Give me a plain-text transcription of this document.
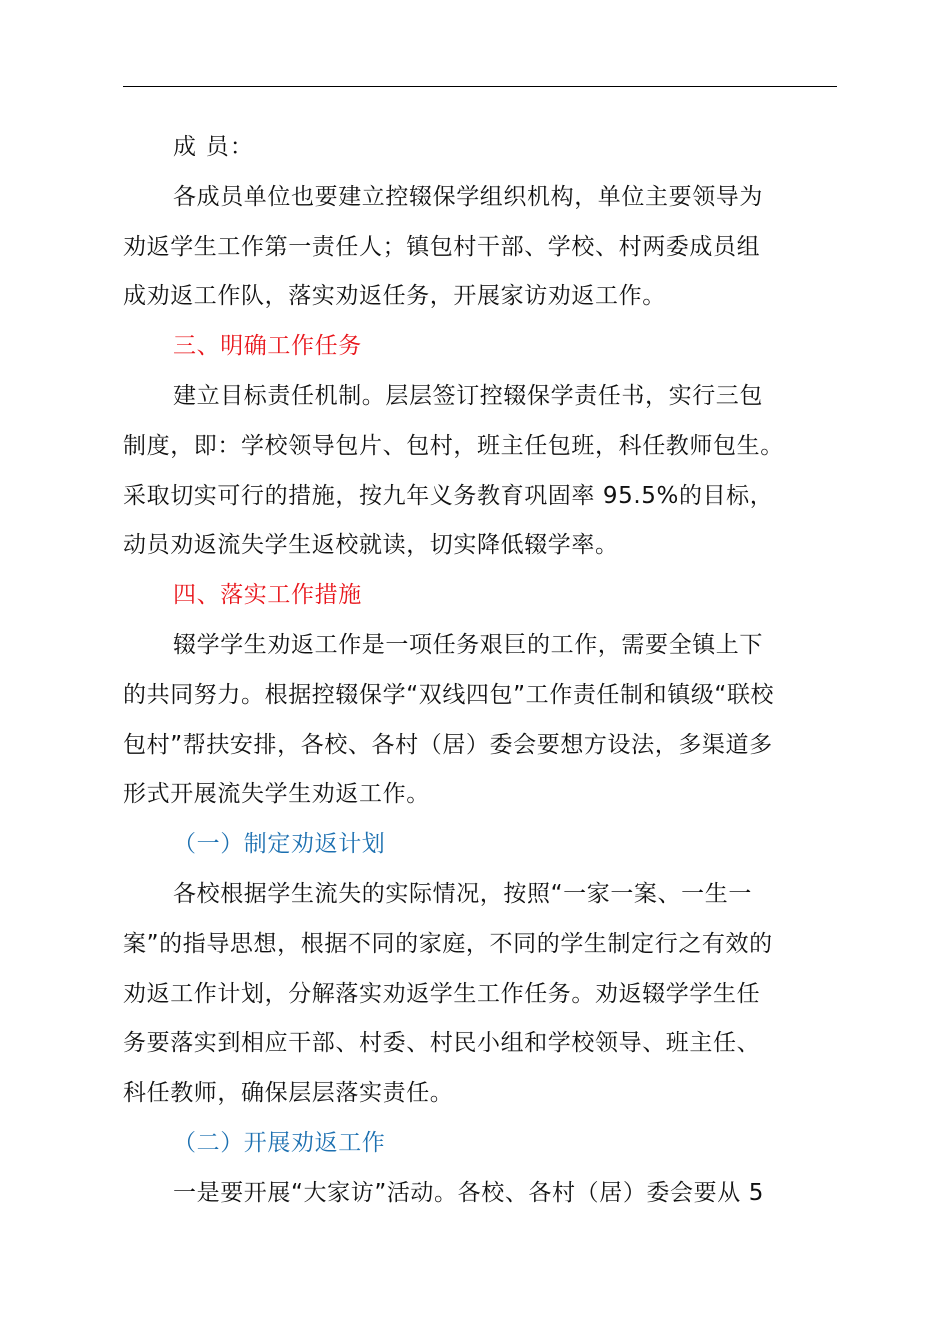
成 员：
各成员单位也要建立控辍保学组织机构，单位主要领导为
劝返学生工作第一责任人；镇包村干部、学校、村两委成员组
成劝返工作队，落实劝返任务，开展家访劝返工作。
三、明确工作任务
建立目标责任机制。层层签订控辍保学责任书，实行三包
制度，即：学校领导包片、包村，班主任包班，科任教师包生。
采取切实可行的措施，按九年义务教育巩固率 95.5%的目标，
动员劝返流失学生返校就读，切实降低辍学率。
四、落实工作措施
辍学学生劝返工作是一项任务艰巨的工作，需要全镇上下
的共同努力。根据控辍保学“双线四包”工作责任制和镇级“联校
包村”帮扶安排，各校、各村（居）委会要想方设法，多渠道多
形式开展流失学生劝返工作。
（一）制定劝返计划
各校根据学生流失的实际情况，按照“一家一案、一生一
案”的指导思想，根据不同的家庭，不同的学生制定行之有效的
劝返工作计划，分解落实劝返学生工作任务。劝返辍学学生任
务要落实到相应干部、村委、村民小组和学校领导、班主任、
科任教师，确保层层落实责任。
（二）开展劝返工作
一是要开展“大家访”活动。各校、各村（居）委会要从 5
